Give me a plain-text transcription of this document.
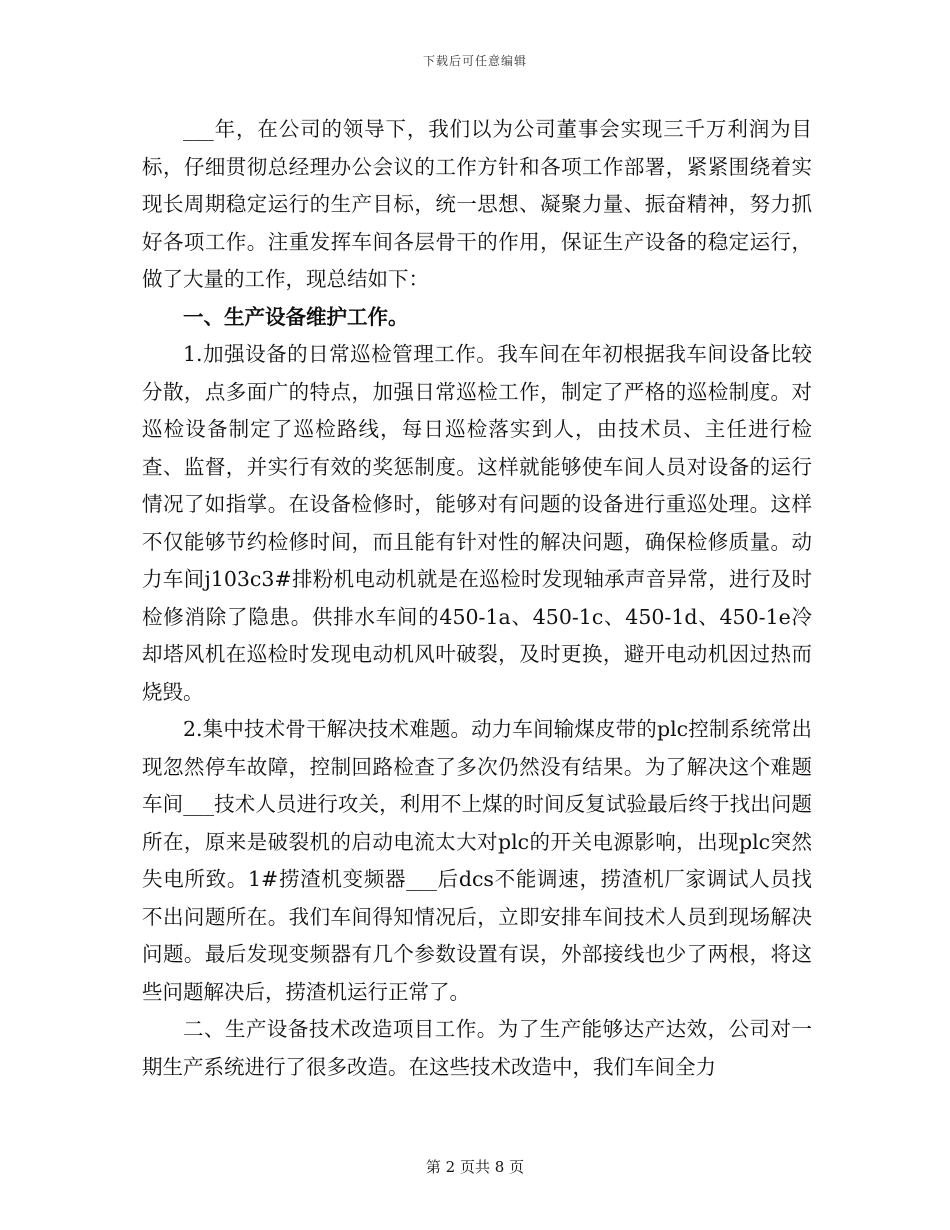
下载后可任意编辑

___年，在公司的领导下，我们以为公司董事会实现三千万利润为目标，仔细贯彻总经理办公会议的工作方针和各项工作部署，紧紧围绕着实现长周期稳定运行的生产目标，统一思想、凝聚力量、振奋精神，努力抓好各项工作。注重发挥车间各层骨干的作用，保证生产设备的稳定运行，做了大量的工作，现总结如下：

一、生产设备维护工作。

1.加强设备的日常巡检管理工作。我车间在年初根据我车间设备比较分散，点多面广的特点，加强日常巡检工作，制定了严格的巡检制度。对巡检设备制定了巡检路线，每日巡检落实到人，由技术员、主任进行检查、监督，并实行有效的奖惩制度。这样就能够使车间人员对设备的运行情况了如指掌。在设备检修时，能够对有问题的设备进行重巡处理。这样不仅能够节约检修时间，而且能有针对性的解决问题，确保检修质量。动力车间j103c3#排粉机电动机就是在巡检时发现轴承声音异常，进行及时检修消除了隐患。供排水车间的450-1a、450-1c、450-1d、450-1e冷却塔风机在巡检时发现电动机风叶破裂，及时更换，避开电动机因过热而烧毁。

2.集中技术骨干解决技术难题。动力车间输煤皮带的plc控制系统常出现忽然停车故障，控制回路检查了多次仍然没有结果。为了解决这个难题车间___技术人员进行攻关，利用不上煤的时间反复试验最后终于找出问题所在，原来是破裂机的启动电流太大对plc的开关电源影响，出现plc突然失电所致。1#捞渣机变频器___后dcs不能调速，捞渣机厂家调试人员找不出问题所在。我们车间得知情况后，立即安排车间技术人员到现场解决问题。最后发现变频器有几个参数设置有误，外部接线也少了两根，将这些问题解决后，捞渣机运行正常了。

二、生产设备技术改造项目工作。为了生产能够达产达效，公司对一期生产系统进行了很多改造。在这些技术改造中，我们车间全力

第 2 页共 8 页
